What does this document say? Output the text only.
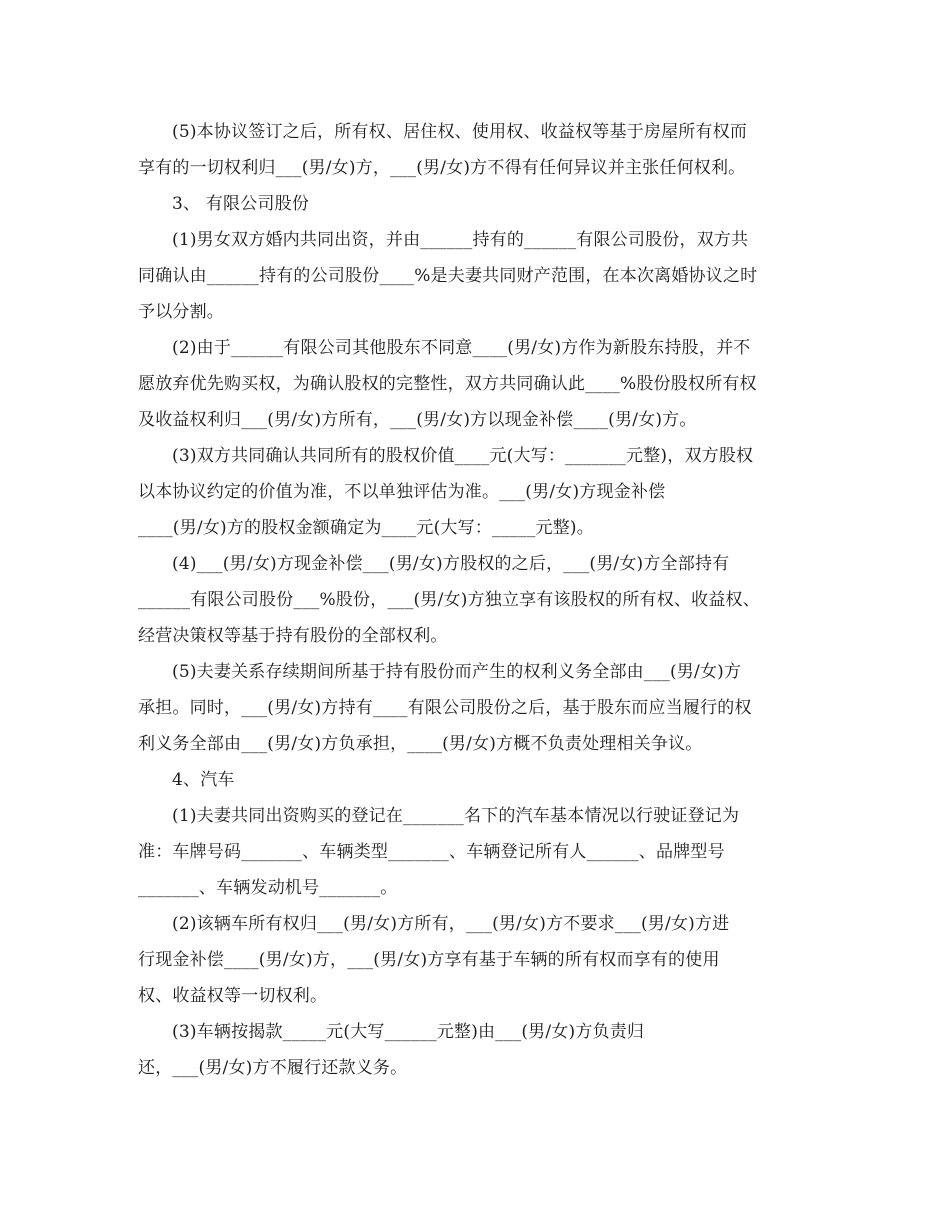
(5)本协议签订之后，所有权、居住权、使用权、收益权等基于房屋所有权而
享有的一切权利归___(男/女)方，___(男/女)方不得有任何异议并主张任何权利。
3、 有限公司股份
(1)男女双方婚内共同出资，并由______持有的______有限公司股份，双方共
同确认由______持有的公司股份____%是夫妻共同财产范围，在本次离婚协议之时
予以分割。
(2)由于______有限公司其他股东不同意____(男/女)方作为新股东持股，并不
愿放弃优先购买权，为确认股权的完整性，双方共同确认此____%股份股权所有权
及收益权利归___(男/女)方所有，___(男/女)方以现金补偿____(男/女)方。
(3)双方共同确认共同所有的股权价值____元(大写：_______元整)，双方股权
以本协议约定的价值为准，不以单独评估为准。___(男/女)方现金补偿
____(男/女)方的股权金额确定为____元(大写：_____元整)。
(4)___(男/女)方现金补偿___(男/女)方股权的之后，___(男/女)方全部持有
______有限公司股份___%股份，___(男/女)方独立享有该股权的所有权、收益权、
经营决策权等基于持有股份的全部权利。
(5)夫妻关系存续期间所基于持有股份而产生的权利义务全部由___(男/女)方
承担。同时，___(男/女)方持有____有限公司股份之后，基于股东而应当履行的权
利义务全部由___(男/女)方负承担，____(男/女)方概不负责处理相关争议。
4、汽车
(1)夫妻共同出资购买的登记在_______名下的汽车基本情况以行驶证登记为
准：车牌号码_______、车辆类型_______、车辆登记所有人______、品牌型号
_______、车辆发动机号_______。
(2)该辆车所有权归___(男/女)方所有，___(男/女)方不要求___(男/女)方进
行现金补偿____(男/女)方，___(男/女)方享有基于车辆的所有权而享有的使用
权、收益权等一切权利。
(3)车辆按揭款_____元(大写______元整)由___(男/女)方负责归
还，___(男/女)方不履行还款义务。
